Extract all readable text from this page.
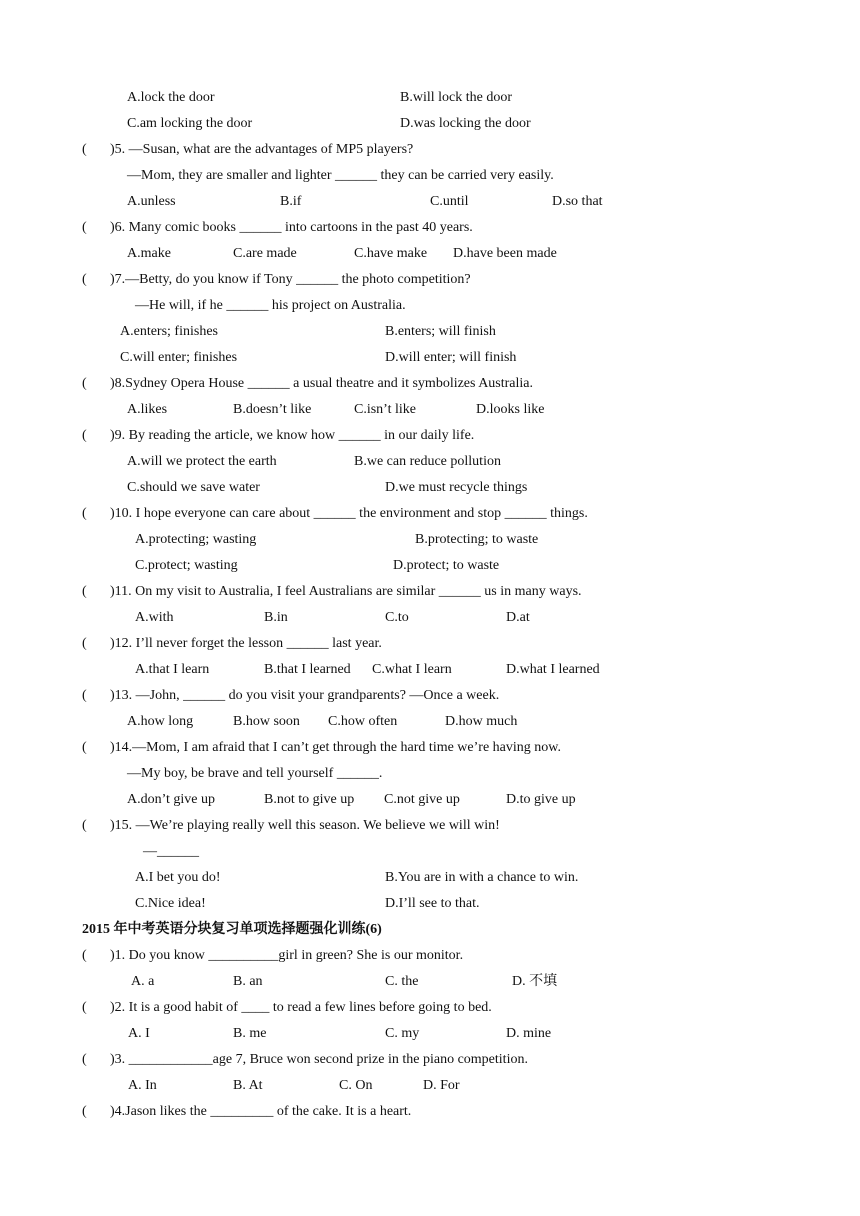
A.lock the door	B.will lock the door
C.am locking the door	D.was locking the door
( )5. —Susan, what are the advantages of MP5 players?
—Mom, they are smaller and lighter ______ they can be carried very easily.
A.unless	B.if	C.until	D.so that
( )6. Many comic books ______ into cartoons in the past 40 years.
A.make	C.are made	C.have make D.have been made
( )7.—Betty, do you know if Tony ______ the photo competition?
—He will, if he ______ his project on Australia.
A.enters; finishes	B.enters; will finish
C.will enter; finishes	D.will enter; will finish
( )8.Sydney Opera House ______ a usual theatre and it symbolizes Australia.
A.likes	B.doesn’t like	C.isn’t like	D.looks like
( )9. By reading the article, we know how ______ in our daily life.
A.will we protect the earth	B.we can reduce pollution
C.should we save water	D.we must recycle things
( )10. I hope everyone can care about ______ the environment and stop ______ things.
A.protecting; wasting	B.protecting; to waste
C.protect; wasting	D.protect; to waste
( )11. On my visit to Australia, I feel Australians are similar ______ us in many ways.
A.with	B.in	C.to	D.at
( )12. I’ll never forget the lesson ______ last year.
A.that I learn	B.that I learned C.what I learn	D.what I learned
( )13. —John, ______ do you visit your grandparents? —Once a week.
A.how long	B.how soon C.how often	D.how much
( )14.—Mom, I am afraid that I can’t get through the hard time we’re having now.
—My boy, be brave and tell yourself ______.
A.don’t give up	B.not to give up C.not give up	D.to give up
( )15. —We’re playing really well this season. We believe we will win!
—______
A.I bet you do!	B.You are in with a chance to win.
C.Nice idea!	D.I’ll see to that.
2015 年中考英语分块复习单项选择题强化训练(6)
( )1. Do you know __________girl in green? She is our monitor.
A. a	B. an	C. the	D. 不填
( )2. It is a good habit of ____ to read a few lines before going to bed.
A. I	B. me	C. my	D. mine
( )3. ____________age 7, Bruce won second prize in the piano competition.
A. In	B. At	C. On	D. For
( )4.Jason likes the _________ of the cake. It is a heart.
